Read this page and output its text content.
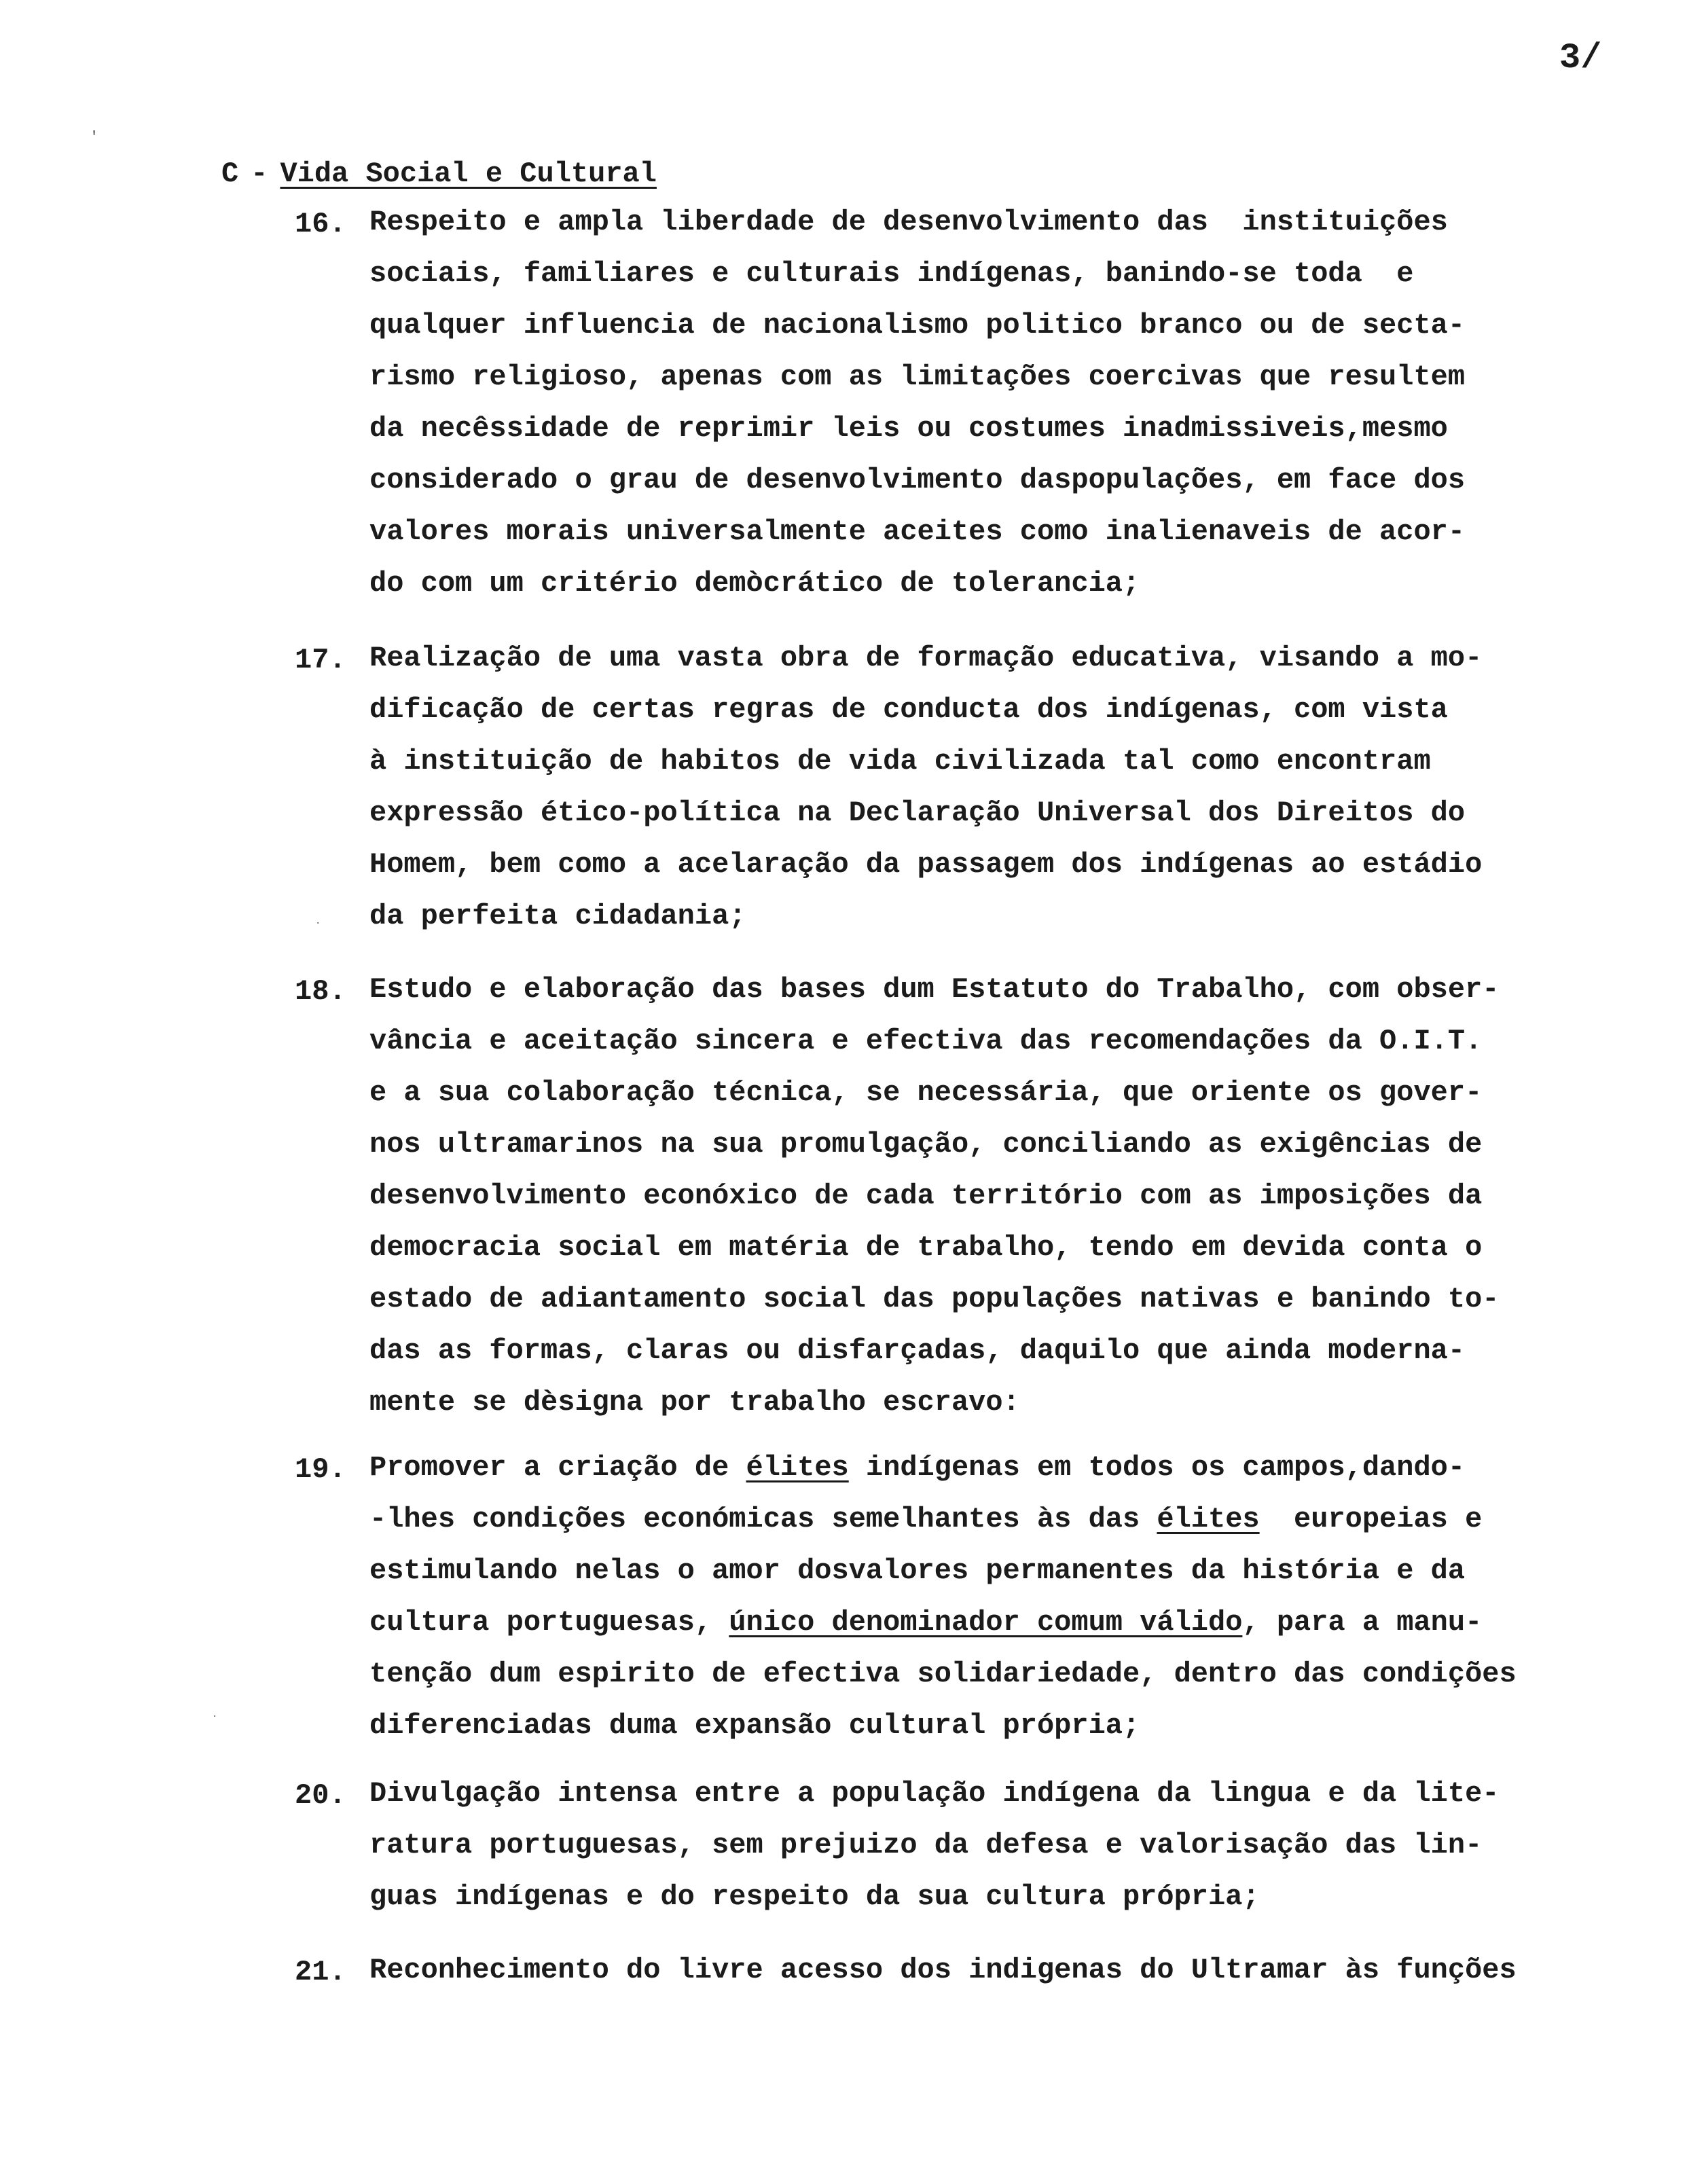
3/
'
·
·
C - Vida Social e Cultural
16. Respeito e ampla liberdade de desenvolvimento das  instituições
sociais, familiares e culturais indígenas, banindo-se toda  e
qualquer influencia de nacionalismo politico branco ou de secta-
rismo religioso, apenas com as limitações coercivas que resultem
da necêssidade de reprimir leis ou costumes inadmissiveis,mesmo
considerado o grau de desenvolvimento daspopulações, em face dos
valores morais universalmente aceites como inalienaveis de acor-
do com um critério demòcrático de tolerancia;
17. Realização de uma vasta obra de formação educativa, visando a mo-
dificação de certas regras de conducta dos indígenas, com vista
à instituição de habitos de vida civilizada tal como encontram
expressão ético-política na Declaração Universal dos Direitos do
Homem, bem como a acelaração da passagem dos indígenas ao estádio
da perfeita cidadania;
18. Estudo e elaboração das bases dum Estatuto do Trabalho, com obser-
vância e aceitação sincera e efectiva das recomendações da O.I.T.
e a sua colaboração técnica, se necessária, que oriente os gover-
nos ultramarinos na sua promulgação, conciliando as exigências de
desenvolvimento econóxico de cada território com as imposições da
democracia social em matéria de trabalho, tendo em devida conta o
estado de adiantamento social das populações nativas e banindo to-
das as formas, claras ou disfarçadas, daquilo que ainda moderna-
mente se dèsigna por trabalho escravo:
19. Promover a criação de élites indígenas em todos os campos,dando-
-lhes condições económicas semelhantes às das élites  europeias e
estimulando nelas o amor dosvalores permanentes da história e da
cultura portuguesas, único denominador comum válido, para a manu-
tenção dum espirito de efectiva solidariedade, dentro das condições
diferenciadas duma expansão cultural própria;
20. Divulgação intensa entre a população indígena da lingua e da lite-
ratura portuguesas, sem prejuizo da defesa e valorisação das lin-
guas indígenas e do respeito da sua cultura própria;
21. Reconhecimento do livre acesso dos indigenas do Ultramar às funções
